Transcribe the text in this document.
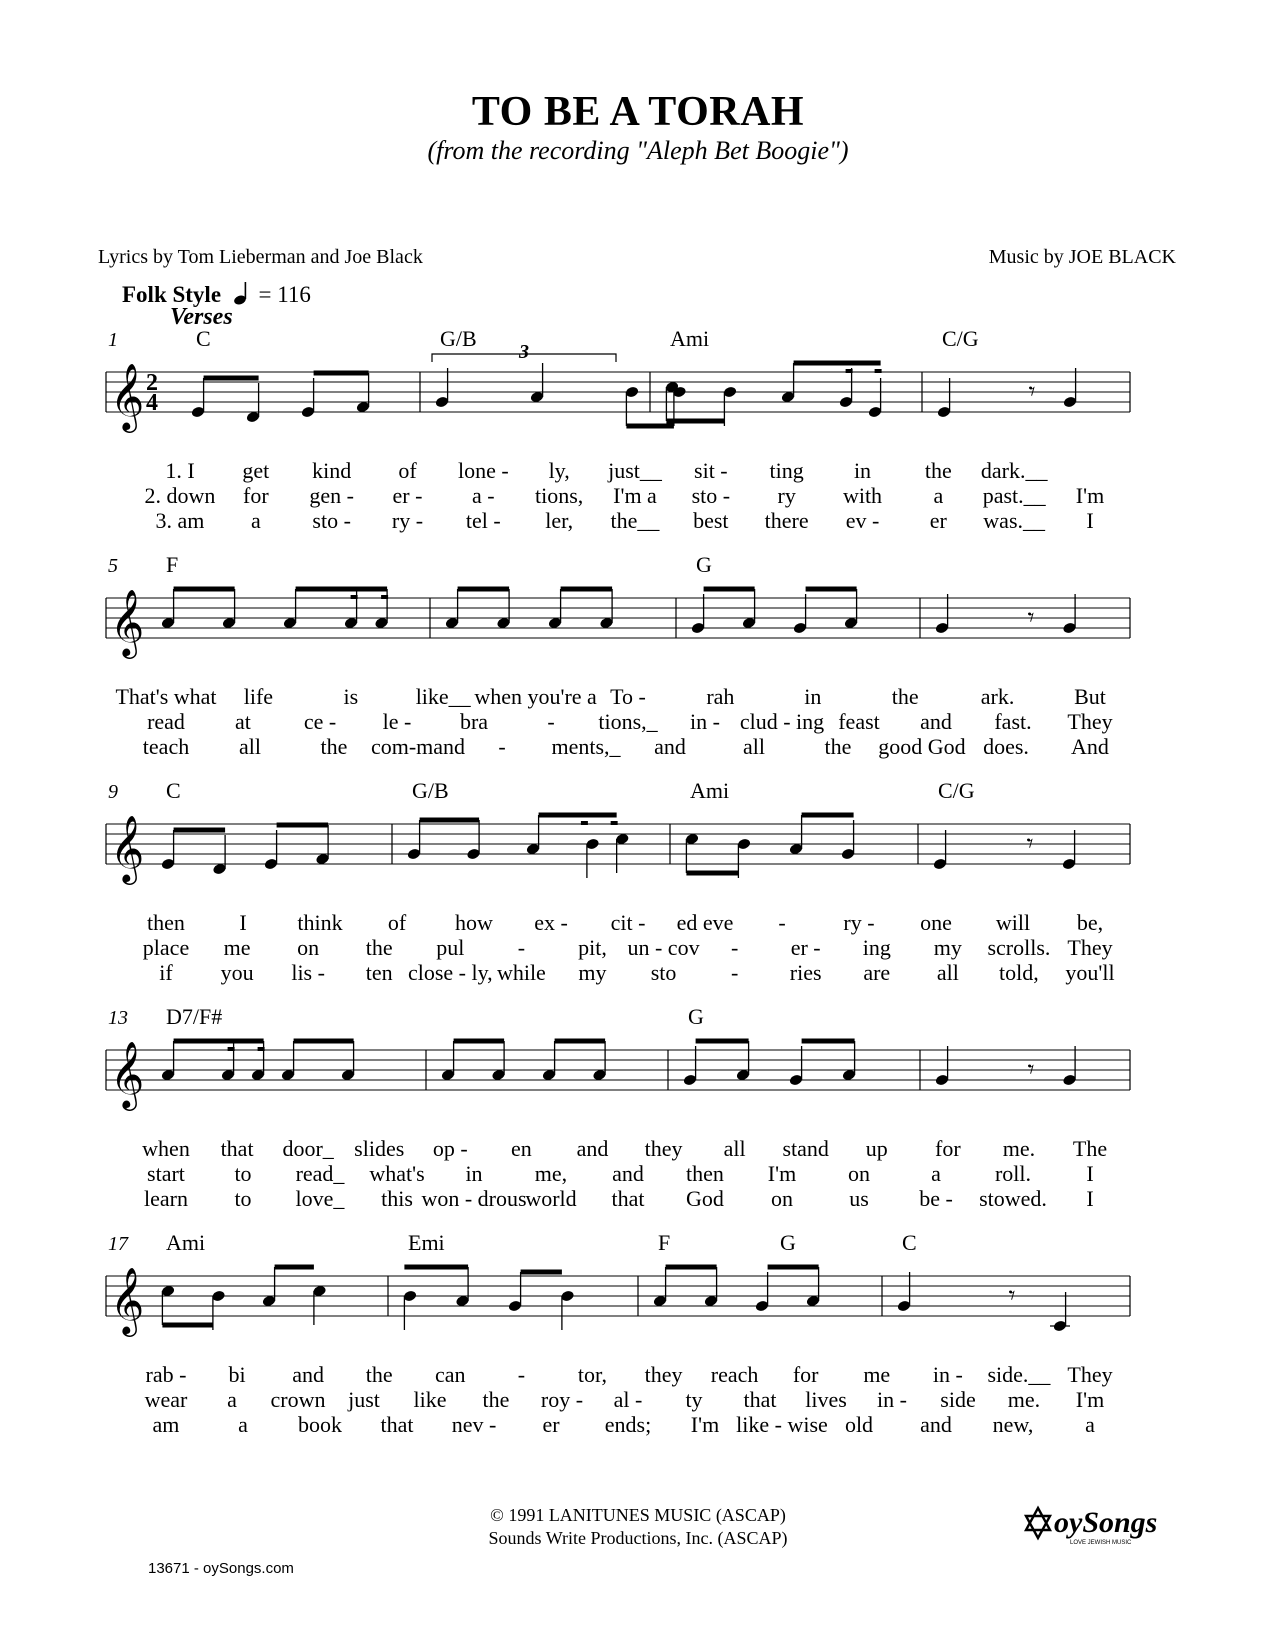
TO BE A TORAH
(from the recording "Aleph Bet Boogie")
Lyrics by Tom Lieberman and Joe Black	Music by JOE BLACK
Folk Style = 116
𝄞
1
2
4
Verses
C	G/B	Ami	C/G
𝄾
3
1. I get kind of lone - ly, just__ sit - ting in the dark.__
2. down for gen - er - a - tions, I'm a sto - ry with a past.__ I'm
3. am a sto - ry - tel - ler, the__ best there ev - er was.__ I
𝄞
5 F	G
𝄾
That's what life	is	like__ when you're a To -	rah	in	the	ark.	But
read at ce - le - bra	- tions,_ in - clud - ing feast and fast. They
teach all	the com-mand - ments,_ and	all	the good God does. And
𝄞
9 C	G/B	Ami	C/G
𝄾
then I think of how ex - cit - ed eve -	ry - one will be,
place me on the pul - pit, un - cov - er - ing my scrolls. They
if you lis - ten close - ly, while my sto - ries are all told, you'll
𝄞
13 D7/F#	G
𝄾
when that door_ slides op - en and they all stand up for me. The
start to read_ what's in me, and then I'm on	a roll.	I
learn to love_ this won - drous
world that God on	us be - stowed. I
𝄞
17 Ami	Emi	F	G	C
𝄾
rab - bi and the can - tor, they reach for me in - side.__ They
wear a crown just like the roy - al - ty that lives in - side me. I'm
am	a book that nev - er ends; I'm like - wise old and new, a
© 1991 LANITUNES MUSIC (ASCAP)
Sounds Write Productions, Inc. (ASCAP)
13671 - oySongs.com
oySongs
LOVE JEWISH MUSIC
